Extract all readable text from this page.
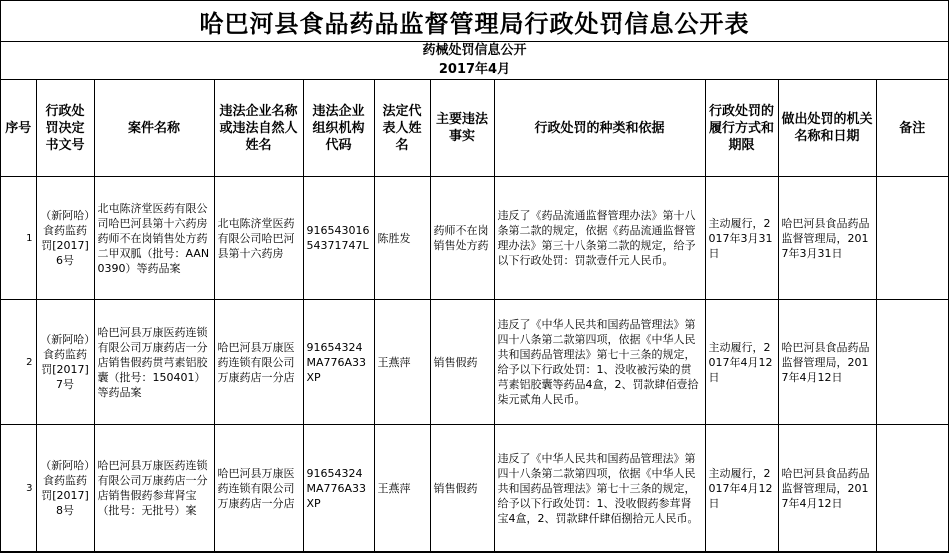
哈巴河县食品药品监督管理局行政处罚信息公开表
药械处罚信息公开
2017年4月
序号	行政处罚决定书文号	案件名称	违法企业名称或违法自然人姓名	违法企业组织机构代码	法定代表人姓名	主要违法事实	行政处罚的种类和依据	行政处罚的履行方式和期限	做出处罚的机关名称和日期	备注
1	（新阿哈）食药监药罚[2017]6号	北屯陈济堂医药有限公司哈巴河县第十六药房药师不在岗销售处方药二甲双胍（批号：AAN0390）等药品案	北屯陈济堂医药有限公司哈巴河县第十六药房	91654301654371747L	陈胜发	药师不在岗销售处方药	违反了《药品流通监督管理办法》第十八条第二款的规定，依据《药品流通监督管理办法》第三十八条第二款的规定，给予以下行政处罚：罚款壹仟元人民币。	主动履行，2017年3月31日	哈巴河县食品药品监督管理局，2017年3月31日	
2	（新阿哈）食药监药罚[2017]7号	哈巴河县万康医药连锁有限公司万康药店一分店销售假药贯芎素铝胶囊（批号：150401）等药品案	哈巴河县万康医药连锁有限公司万康药店一分店	91654324MA776A33XP	王燕萍	销售假药	违反了《中华人民共和国药品管理法》第四十八条第二款第四项，依据《中华人民共和国药品管理法》第七十三条的规定，给予以下行政处罚：1、没收被污染的贯芎素铝胶囊等药品4盒，2、罚款肆佰壹拾柒元贰角人民币。	主动履行，2017年4月12日	哈巴河县食品药品监督管理局，2017年4月12日	
3	（新阿哈）食药监药罚[2017]8号	哈巴河县万康医药连锁有限公司万康药店一分店销售假药参茸肾宝（批号：无批号）案	哈巴河县万康医药连锁有限公司万康药店一分店	91654324MA776A33XP	王燕萍	销售假药	违反了《中华人民共和国药品管理法》第四十八条第二款第四项，依据《中华人民共和国药品管理法》第七十三条的规定，给予以下行政处罚：1、没收假药参茸肾宝4盒，2、罚款肆仟肆佰捌拾元人民币。	主动履行，2017年4月12日	哈巴河县食品药品监督管理局，2017年4月12日	
